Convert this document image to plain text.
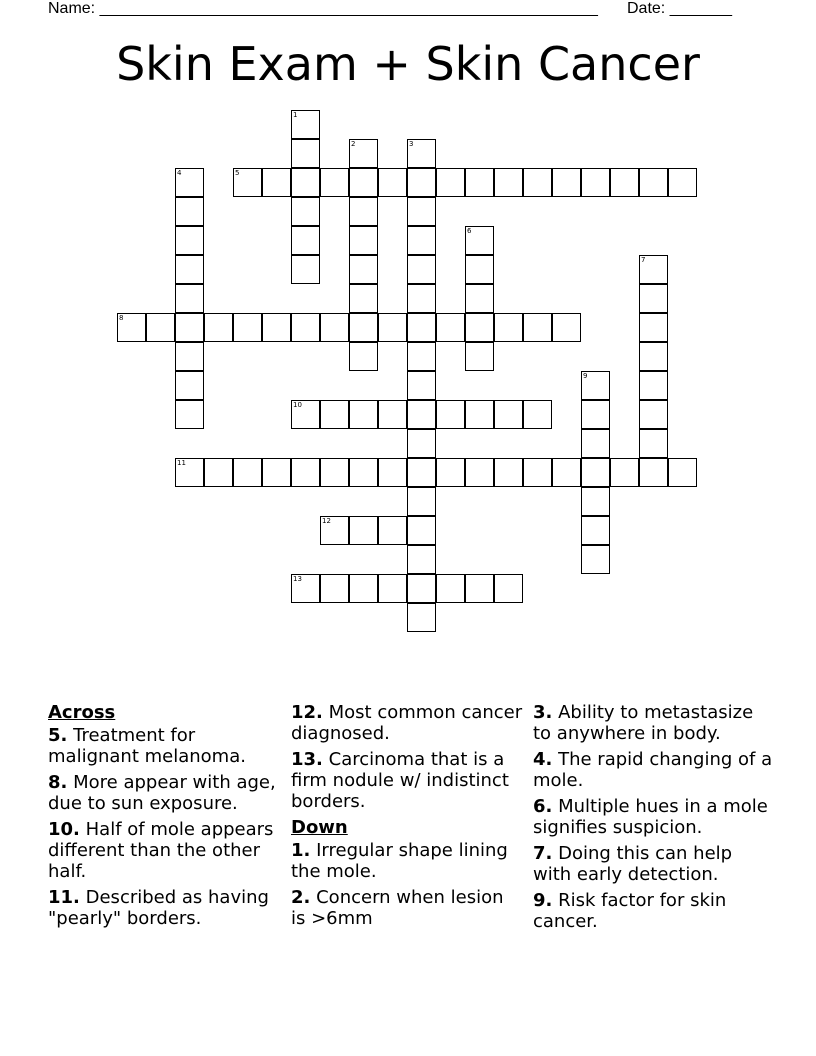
Name: ________________________________________________________ Date: _______
Skin Exam + Skin Cancer
1
2	3
4	5
6
7
8
9
10
11
12
13
Across
5. Treatment for malignant melanoma.
8. More appear with age, due to sun exposure.
10. Half of mole appears different than the other half.
11. Described as having "pearly" borders.
12. Most common cancer diagnosed.
13. Carcinoma that is a firm nodule w/ indistinct borders.
Down
1. Irregular shape lining the mole.
2. Concern when lesion is >6mm
3. Ability to metastasize to anywhere in body.
4. The rapid changing of a mole.
6. Multiple hues in a mole signifies suspicion.
7. Doing this can help with early detection.
9. Risk factor for skin cancer.
